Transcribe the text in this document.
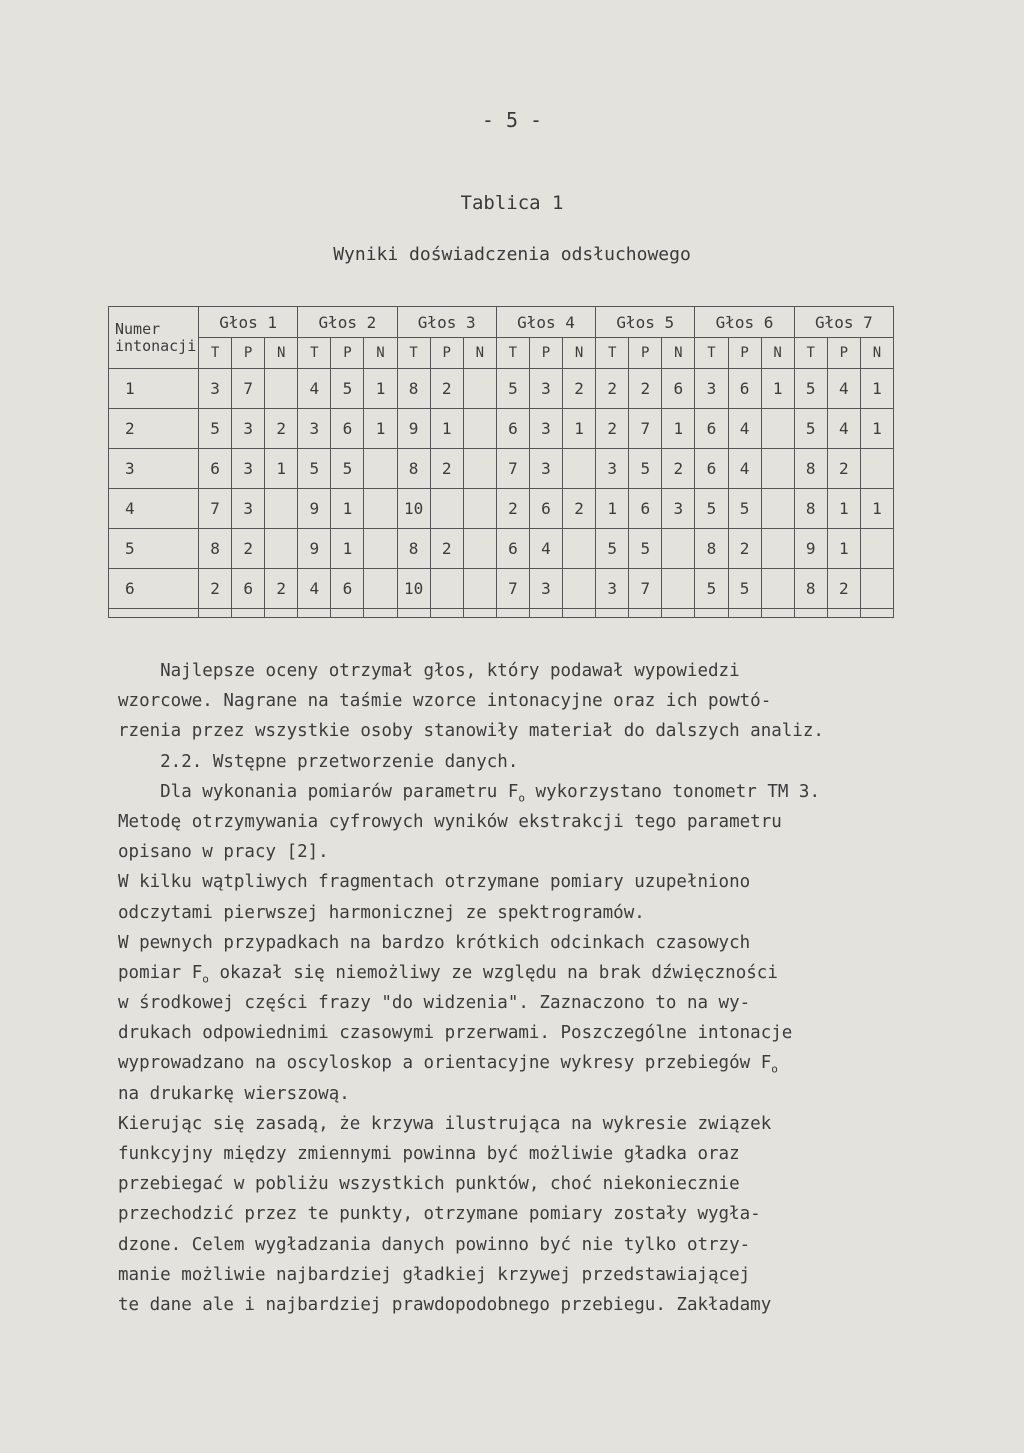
- 5 -
Tablica 1
Wyniki doświadczenia odsłuchowego
Numer intonacji	Głos 1			Głos 2			Głos 3			Głos 4			Głos 5			Głos 6			Głos 7		
	T	P	N	T	P	N	T	P	N	T	P	N	T	P	N	T	P	N	T	P	N
1	3	7		4	5	1	8	2		5	3	2	2	2	6	3	6	1	5	4	1
2	5	3	2	3	6	1	9	1		6	3	1	2	7	1	6	4		5	4	1
3	6	3	1	5	5		8	2		7	3		3	5	2	6	4		8	2	
4	7	3		9	1		10			2	6	2	1	6	3	5	5		8	1	1
5	8	2		9	1		8	2		6	4		5	5		8	2		9	1	
6	2	6	2	4	6		10			7	3		3	7		5	5		8	2	

Najlepsze oceny otrzymał głos, który podawał wypowiedzi
wzorcowe. Nagrane na taśmie wzorce intonacyjne oraz ich powtó-
rzenia przez wszystkie osoby stanowiły materiał do dalszych analiz.
2.2. Wstępne przetworzenie danych.
Dla wykonania pomiarów parametru $F_o$ wykorzystano tonometr TM 3.
Metodę otrzymywania cyfrowych wyników ekstrakcji tego parametru
opisano w pracy [2].
W kilku wątpliwych fragmentach otrzymane pomiary uzupełniono
odczytami pierwszej harmonicznej ze spektrogramów.
W pewnych przypadkach na bardzo krótkich odcinkach czasowych
pomiar $F_o$ okazał się niemożliwy ze względu na brak dźwięczności
w środkowej części frazy "do widzenia". Zaznaczono to na wy-
drukach odpowiednimi czasowymi przerwami. Poszczególne intonacje
wyprowadzano na oscyloskop a orientacyjne wykresy przebiegów $F_o$
na drukarkę wierszową.
Kierując się zasadą, że krzywa ilustrująca na wykresie związek
funkcyjny między zmiennymi powinna być możliwie gładka oraz
przebiegać w pobliżu wszystkich punktów, choć niekoniecznie
przechodzić przez te punkty, otrzymane pomiary zostały wygła-
dzone. Celem wygładzania danych powinno być nie tylko otrzy-
manie możliwie najbardziej gładkiej krzywej przedstawiającej
te dane ale i najbardziej prawdopodobnego przebiegu. Zakładamy
